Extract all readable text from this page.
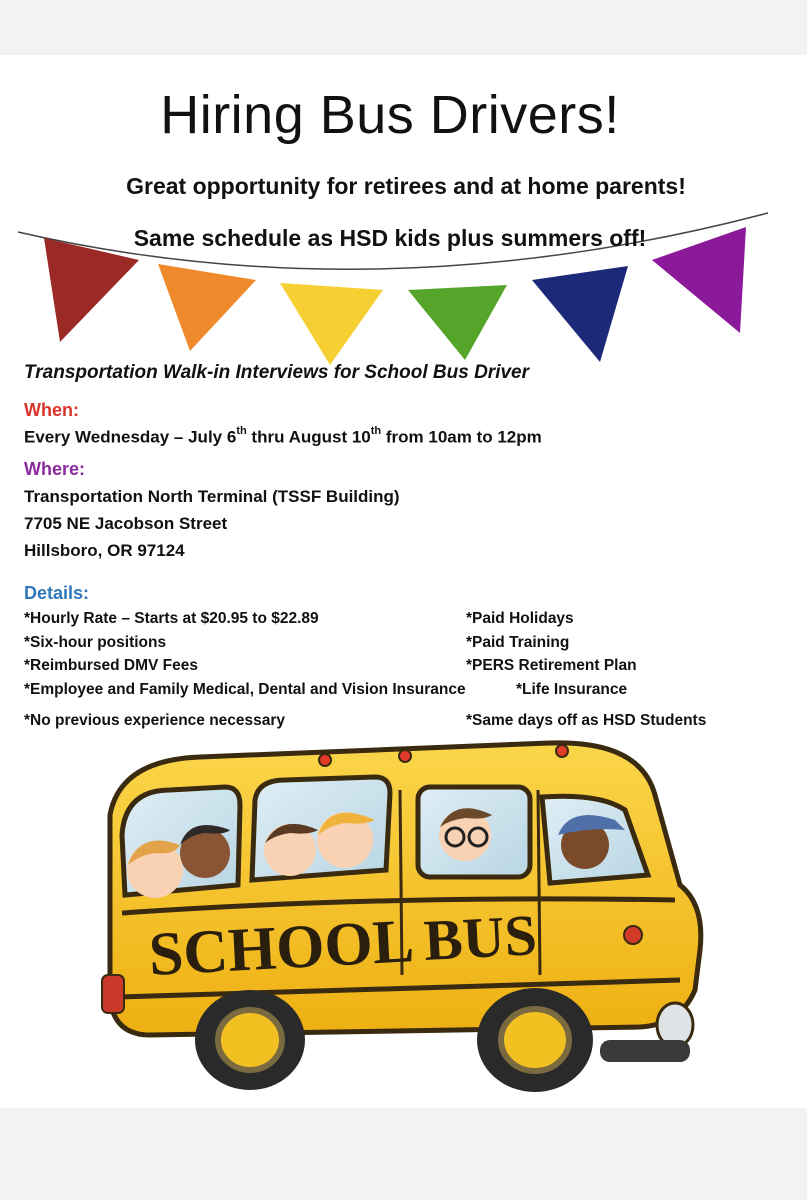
Hiring Bus Drivers!
Great opportunity for retirees and at home parents!
Same schedule as HSD kids plus summers off!
Transportation Walk-in Interviews for School Bus Driver
When:
Every Wednesday – July 6th thru August 10th from 10am to 12pm
Where:
Transportation North Terminal (TSSF Building)
7705 NE Jacobson Street
Hillsboro, OR 97124
Details:
*Hourly Rate – Starts at $20.95 to $22.89	*Paid Holidays
*Six-hour positions	*Paid Training
*Reimbursed DMV Fees	*PERS Retirement Plan
*Employee and Family Medical, Dental and Vision Insurance	*Life Insurance
*No previous experience necessary	*Same days off as HSD Students
SCHOOL BUS
